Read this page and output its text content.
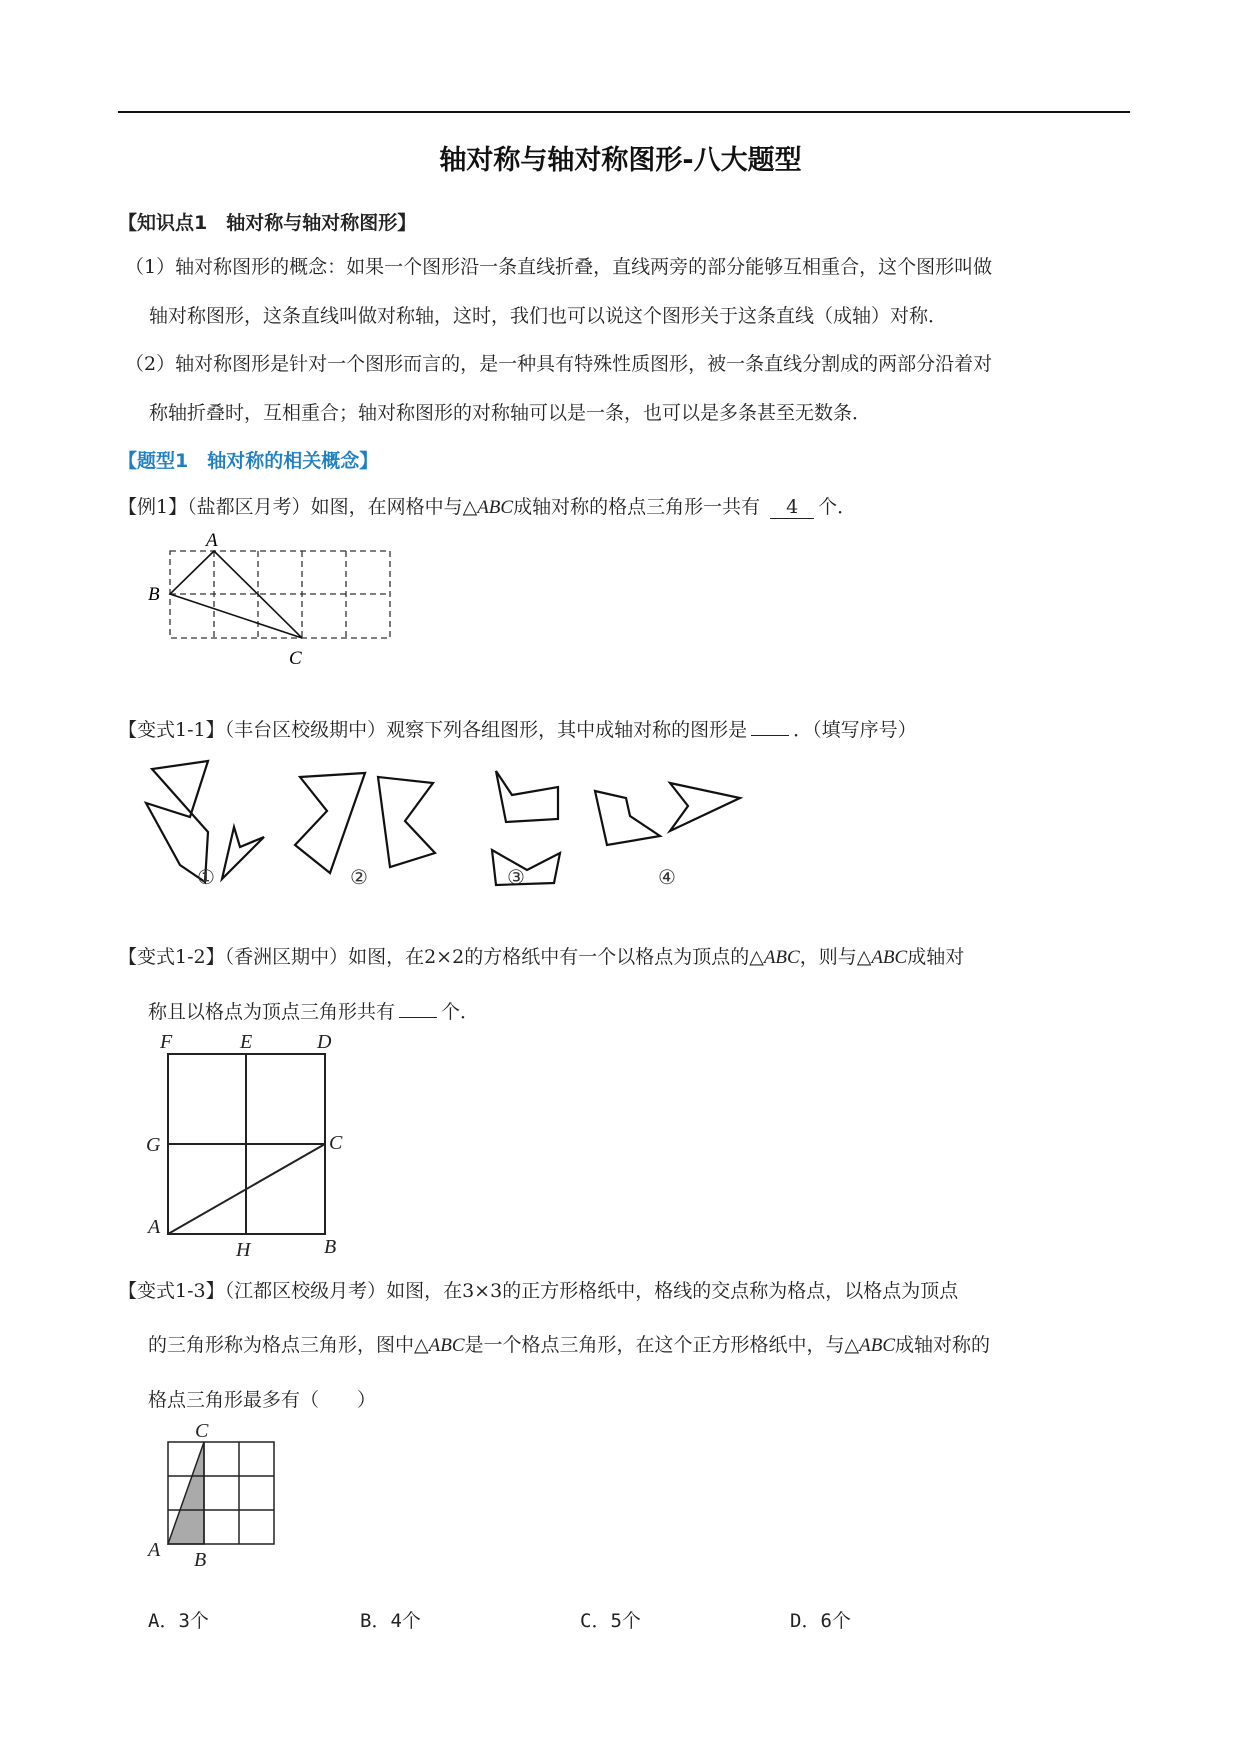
轴对称与轴对称图形-八大题型
【知识点1　轴对称与轴对称图形】
（1）轴对称图形的概念：如果一个图形沿一条直线折叠，直线两旁的部分能够互相重合，这个图形叫做
轴对称图形，这条直线叫做对称轴，这时，我们也可以说这个图形关于这条直线（成轴）对称．
（2）轴对称图形是针对一个图形而言的，是一种具有特殊性质图形，被一条直线分割成的两部分沿着对
称轴折叠时，互相重合；轴对称图形的对称轴可以是一条，也可以是多条甚至无数条．
【题型1　轴对称的相关概念】
【例1】（盐都区月考）如图，在网格中与△ABC成轴对称的格点三角形一共有 4 个．
A
B
C
【变式1-1】（丰台区校级期中）观察下列各组图形，其中成轴对称的图形是 ．（填写序号）
①	②	③	④
【变式1-2】（香洲区期中）如图，在2×2的方格纸中有一个以格点为顶点的△ABC，则与△ABC成轴对
称且以格点为顶点三角形共有 个．
F	E	D
G	C
A
H	B
【变式1-3】（江都区校级月考）如图，在3×3的正方形格纸中，格线的交点称为格点，以格点为顶点
的三角形称为格点三角形，图中△ABC是一个格点三角形，在这个正方形格纸中，与△ABC成轴对称的
格点三角形最多有（　　）
C
A B
A．3个	B．4个	C．5个	D．6个
